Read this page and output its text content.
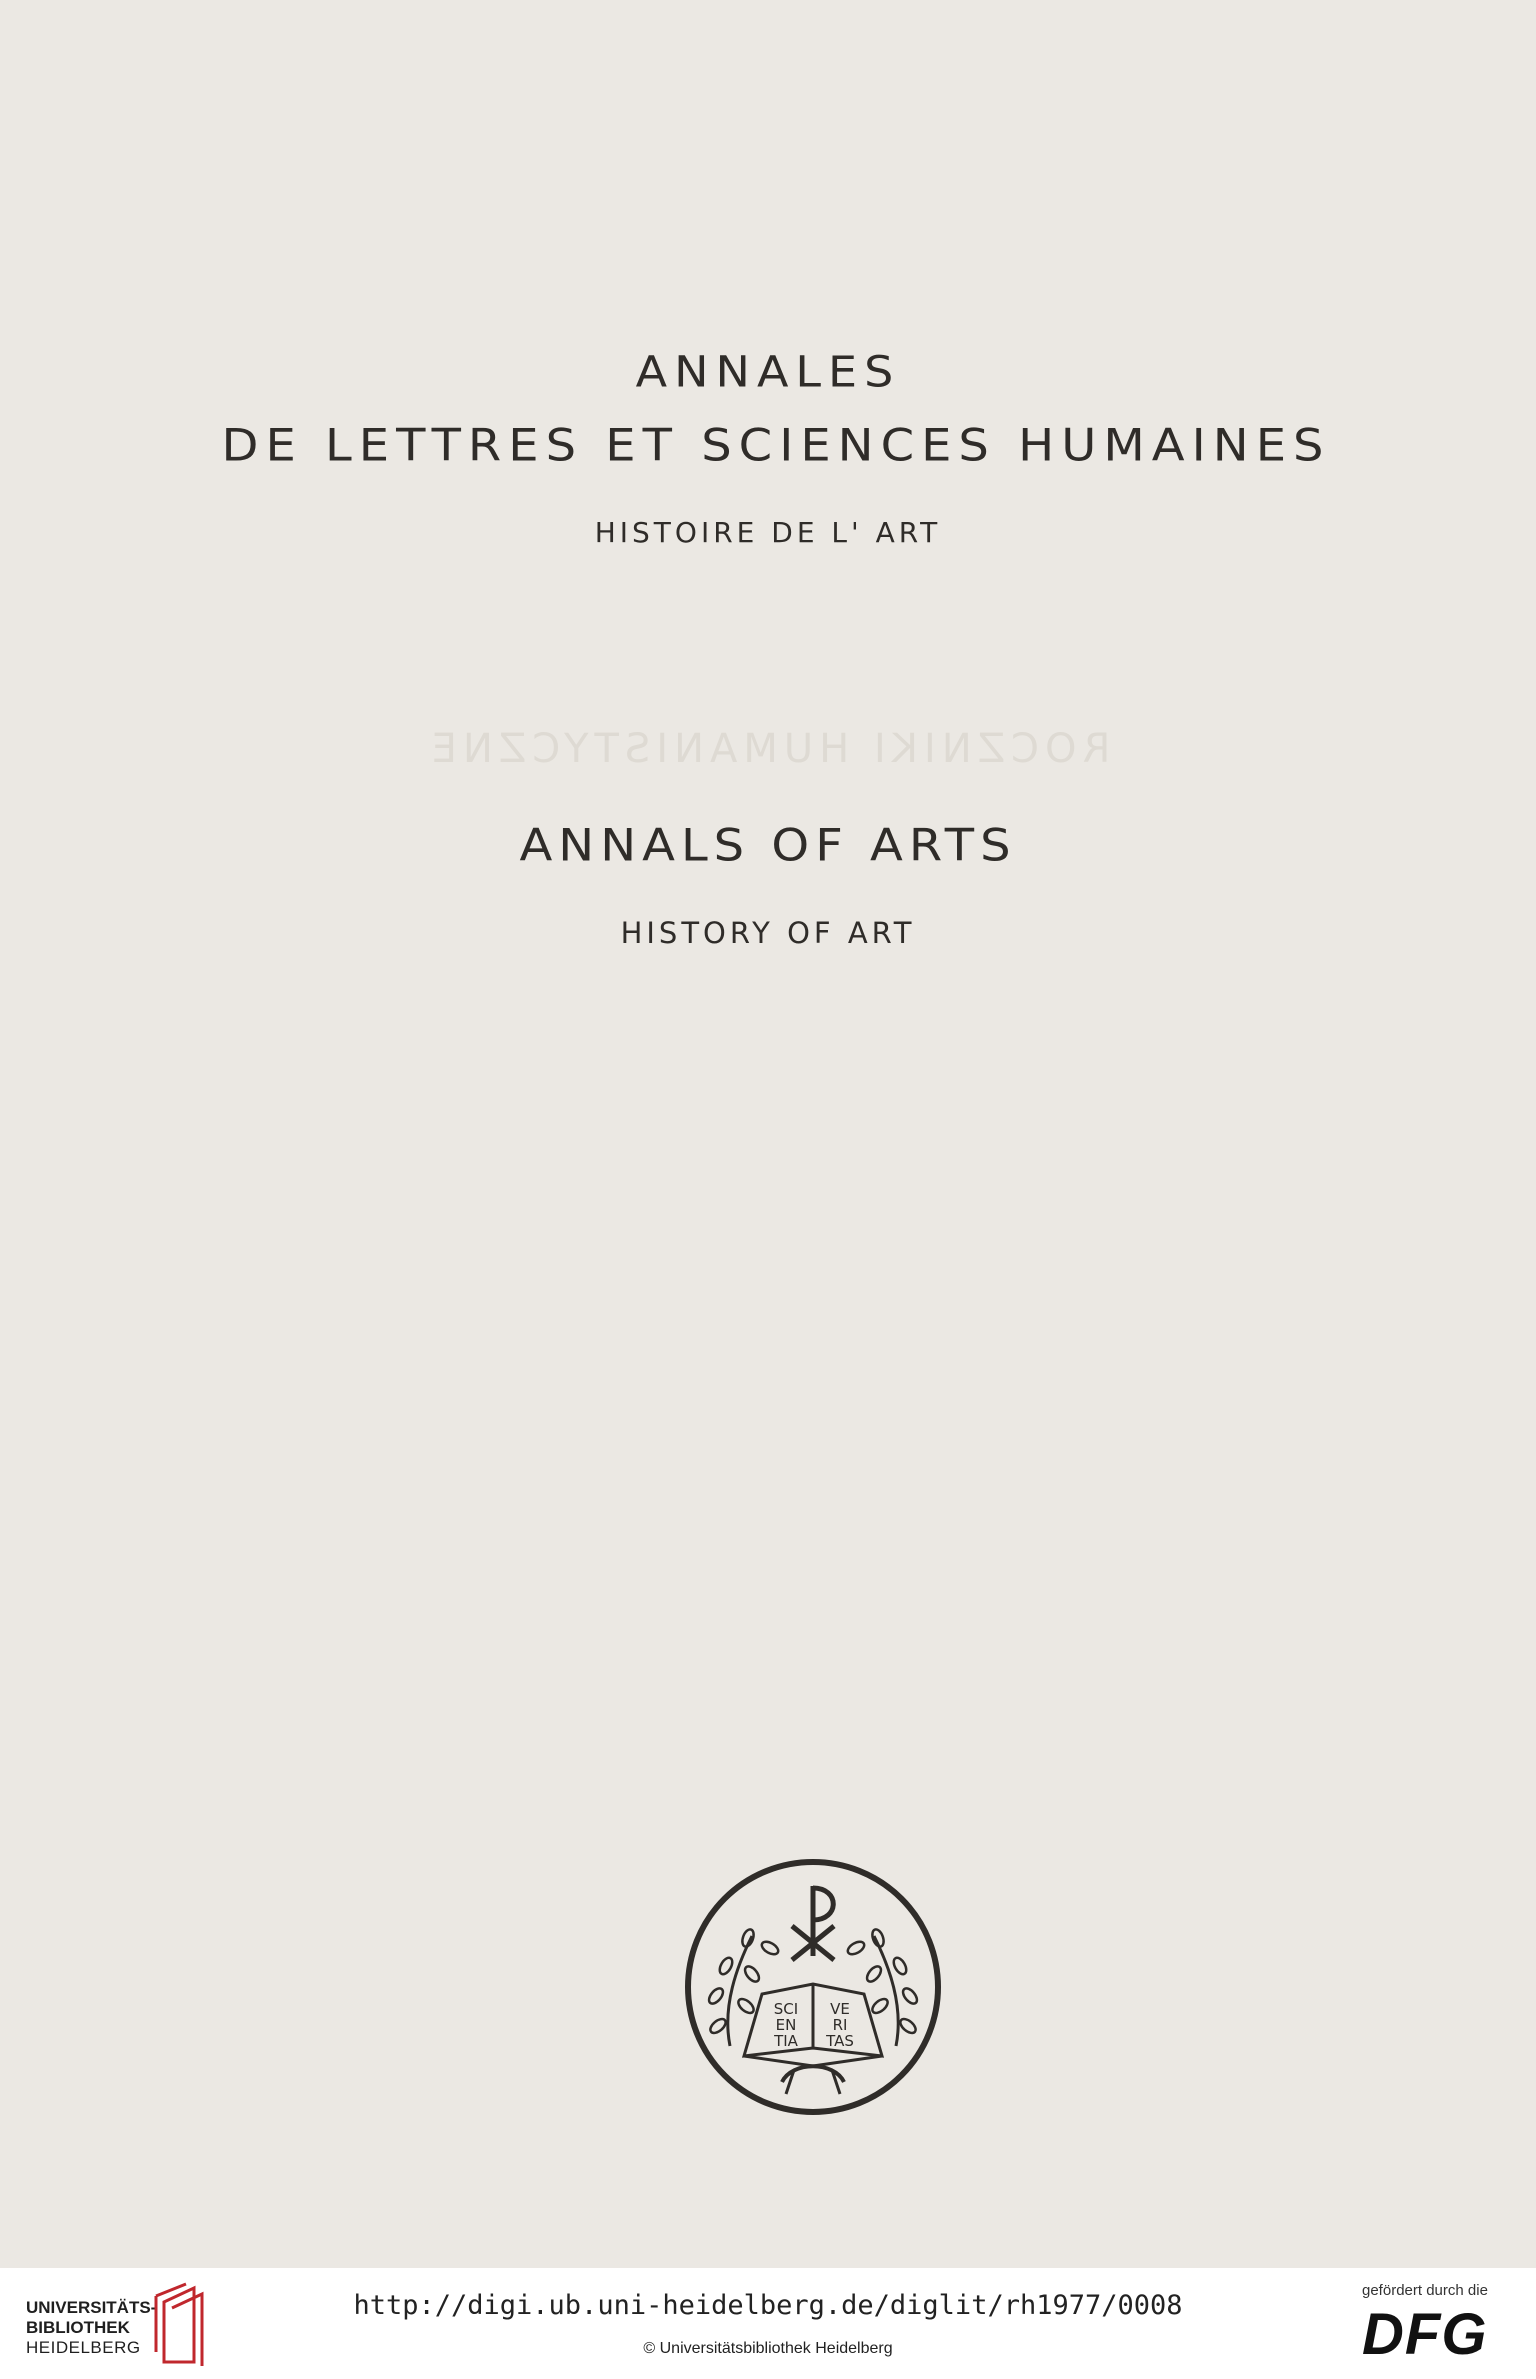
ANNALES
DE LETTRES ET SCIENCES HUMAINES
HISTOIRE DE L' ART
ROCZNIKI HUMANISTYCZNE
ANNALS OF ARTS
HISTORY OF ART
SCI
EN
TIA
VE
RI
TAS
UNIVERSITÄTS-
BIBLIOTHEK
HEIDELBERG
http://digi.ub.uni-heidelberg.de/diglit/rh1977/0008
© Universitätsbibliothek Heidelberg
gefördert durch die
DFG
